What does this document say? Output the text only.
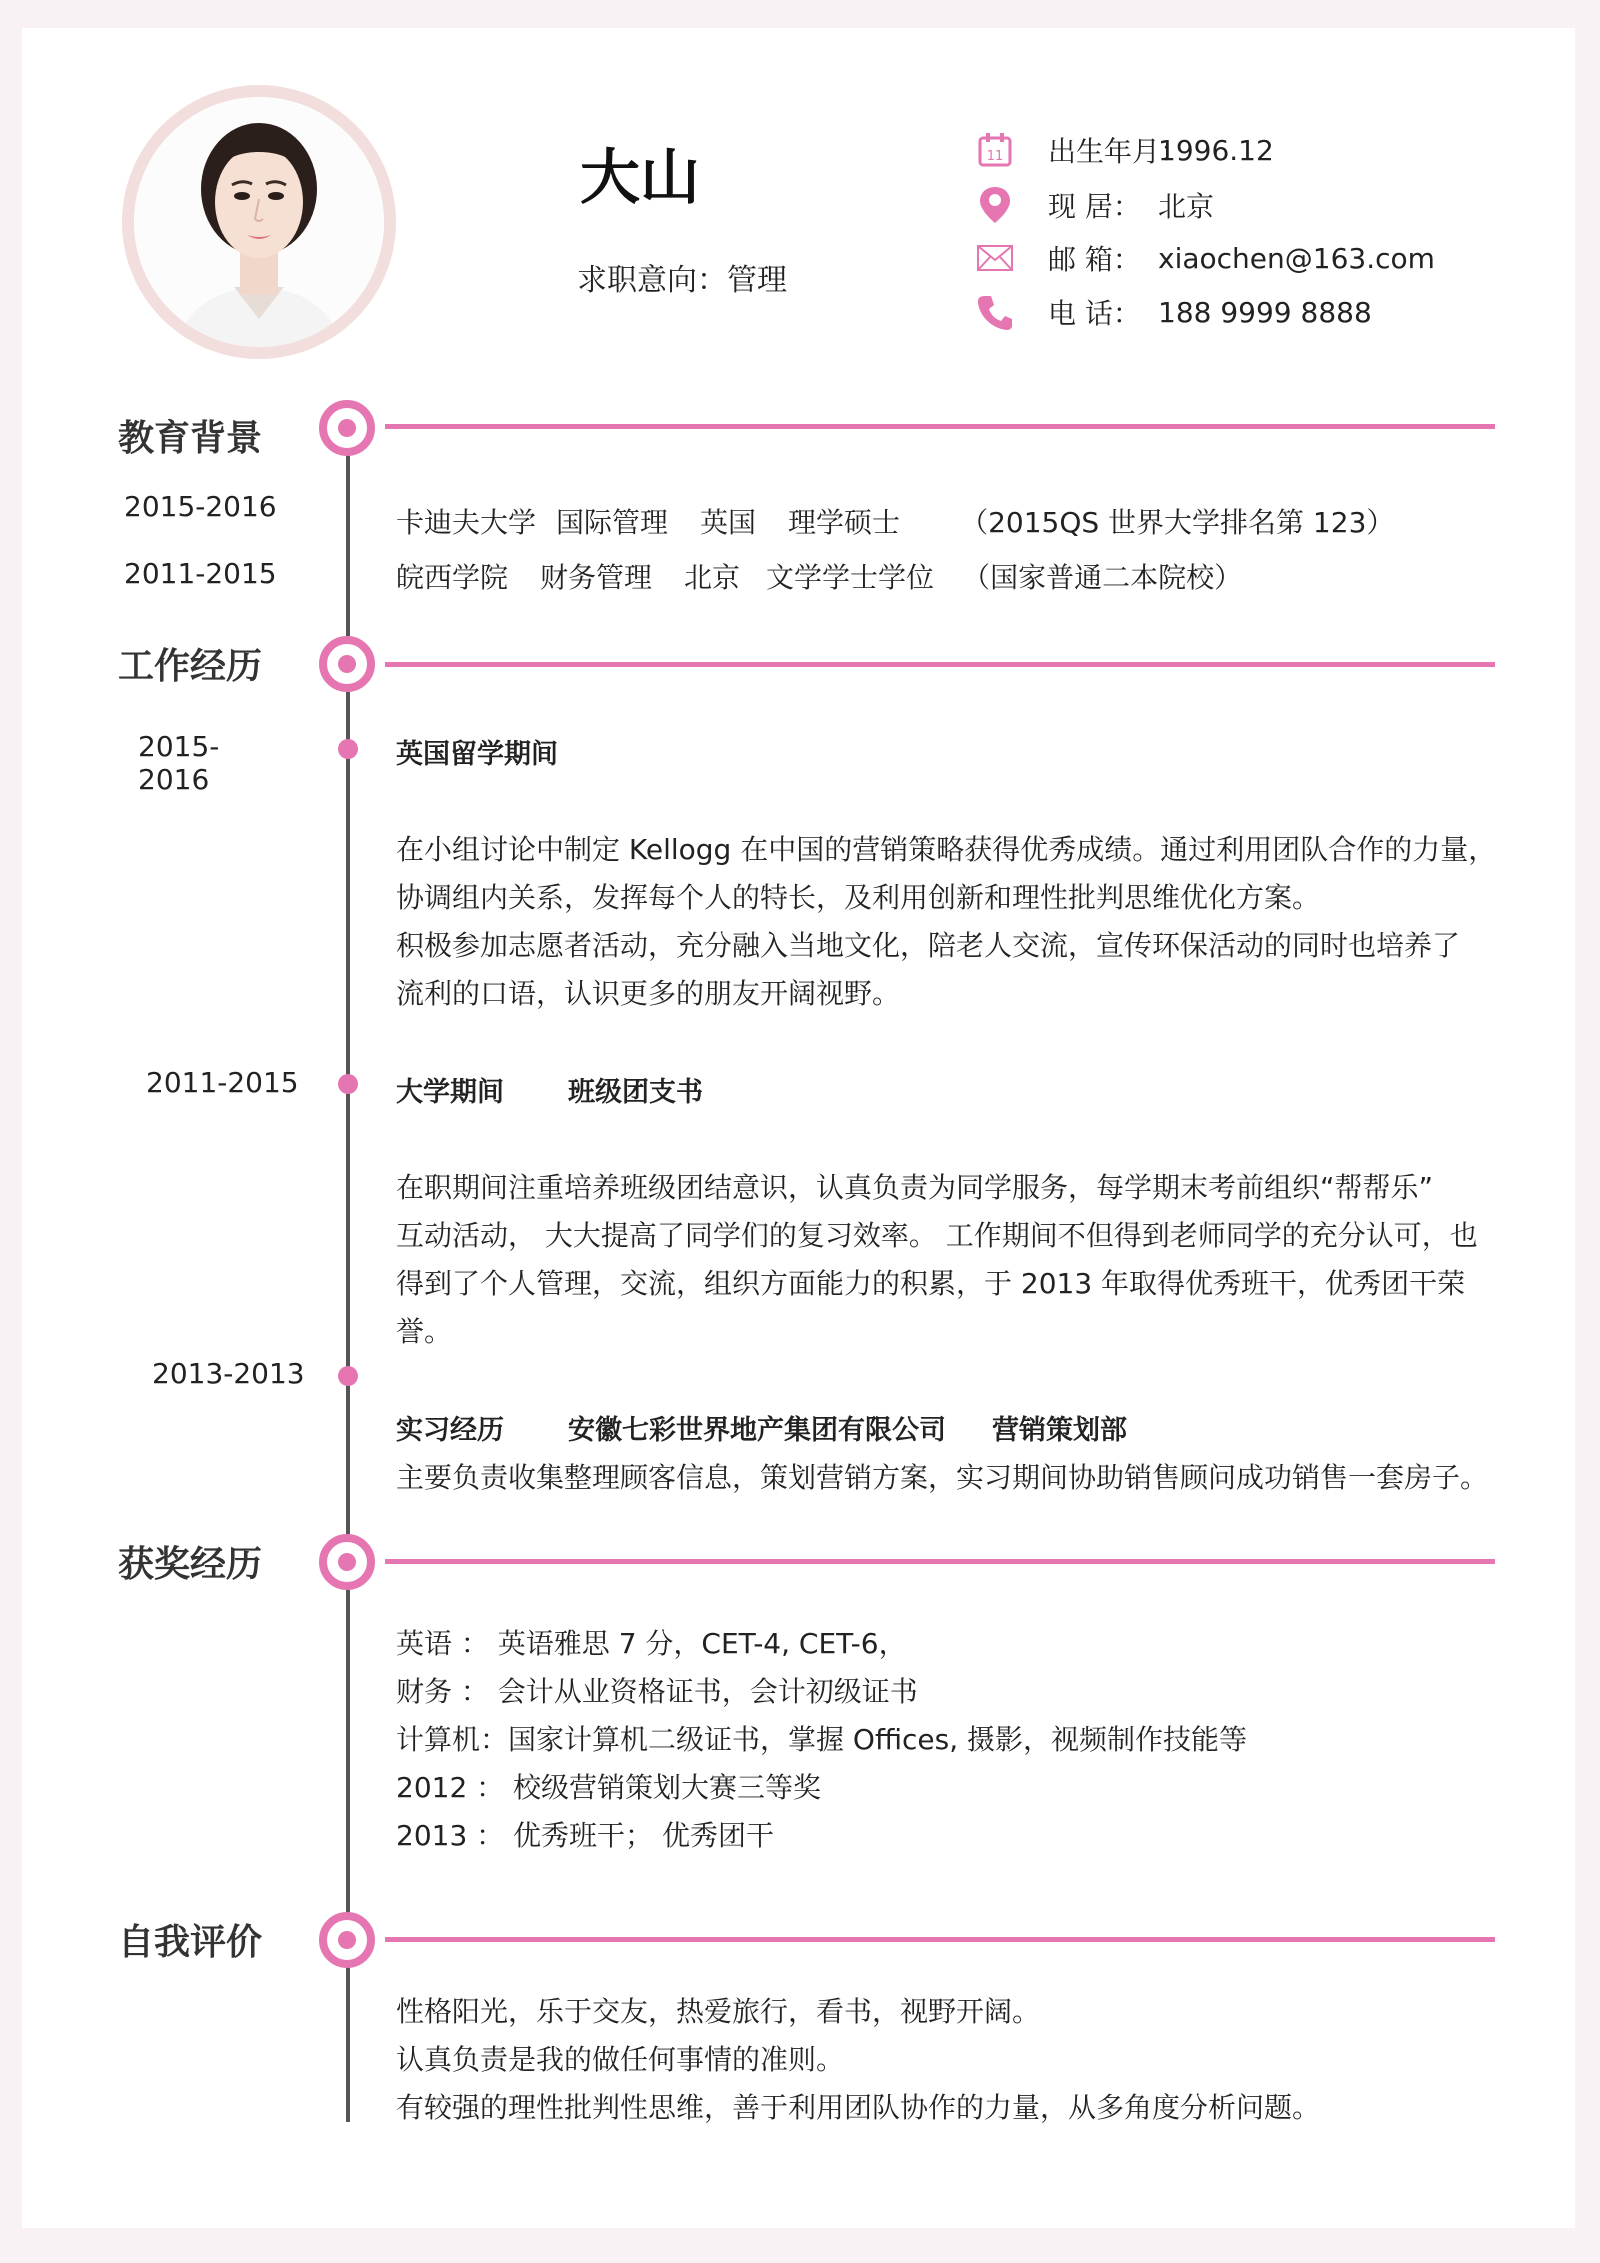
大山
求职意向：管理
11 出生年月：
1996.12
现 居： 北京
邮 箱： xiaochen@163.com
电 话： 188 9999 8888
教育背景
2015-2016	卡迪夫大学 国际管理 英国 理学硕士 （2015QS 世界大学排名第 123）
2011-2015	皖西学院 财务管理 北京 文学学士学位 （国家普通二本院校）
工作经历
2015-
2016
英国留学期间
在小组讨论中制定 Kellogg 在中国的营销策略获得优秀成绩。通过利用团队合作的力量，
协调组内关系，发挥每个人的特长，及利用创新和理性批判思维优化方案。
积极参加志愿者活动，充分融入当地文化，陪老人交流，宣传环保活动的同时也培养了
流利的口语，认识更多的朋友开阔视野。
2011-2015	大学期间 班级团支书
在职期间注重培养班级团结意识，认真负责为同学服务，每学期末考前组织“帮帮乐”
互动活动， 大大提高了同学们的复习效率。 工作期间不但得到老师同学的充分认可，也
得到了个人管理，交流，组织方面能力的积累，于 2013 年取得优秀班干，优秀团干荣
誉。
2013-2013
实习经历 安徽七彩世界地产集团有限公司 营销策划部
主要负责收集整理顾客信息，策划营销方案，实习期间协助销售顾问成功销售一套房子。
获奖经历
英语 ： 英语雅思 7 分，CET-4, CET-6，
财务 ： 会计从业资格证书，会计初级证书
计算机：国家计算机二级证书，掌握 Offices, 摄影，视频制作技能等
2012 ： 校级营销策划大赛三等奖
2013 ： 优秀班干； 优秀团干
自我评价
性格阳光，乐于交友，热爱旅行，看书，视野开阔。
认真负责是我的做任何事情的准则。
有较强的理性批判性思维，善于利用团队协作的力量，从多角度分析问题。
